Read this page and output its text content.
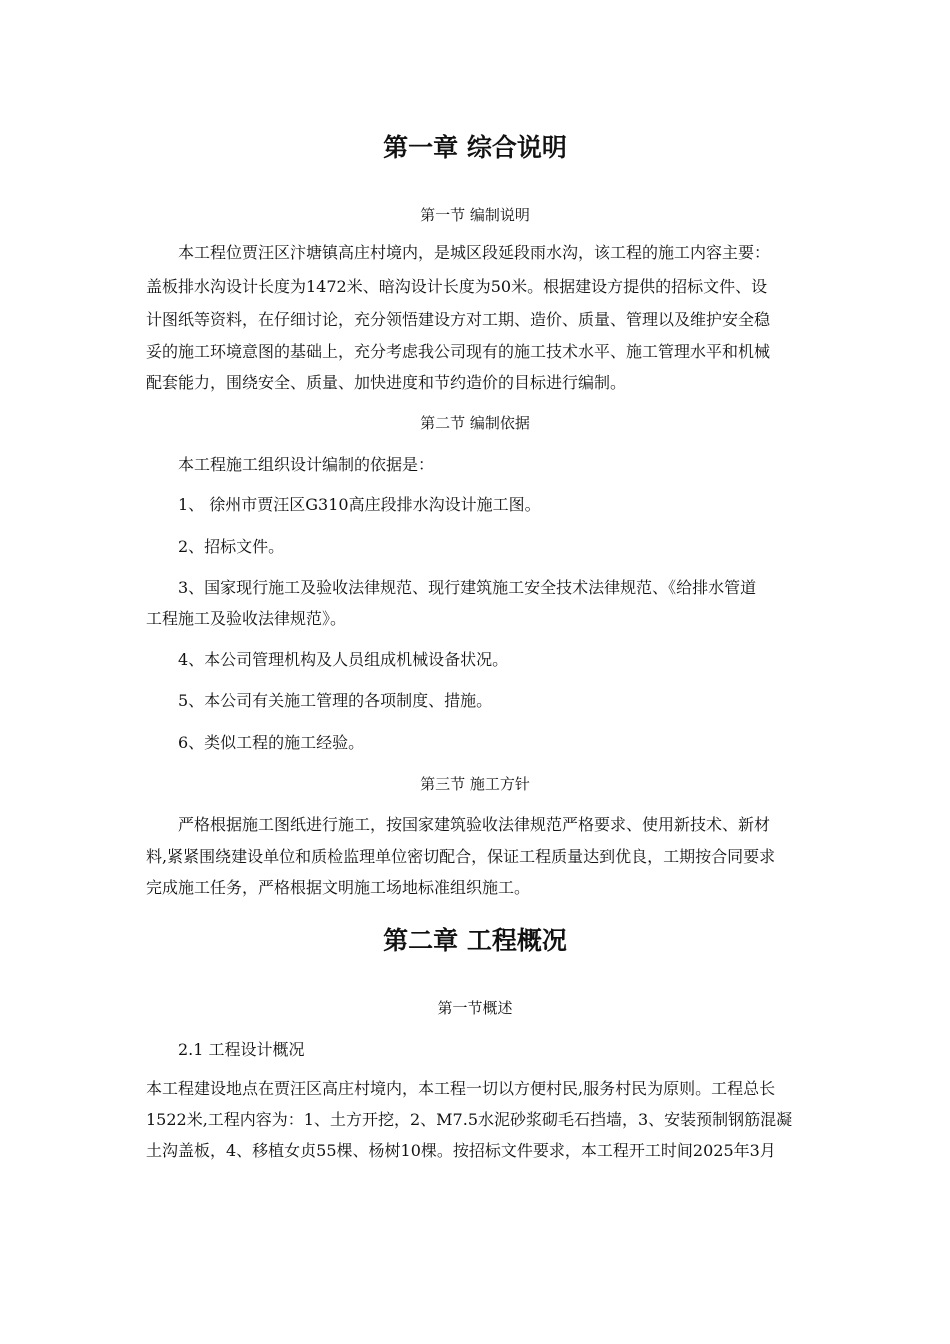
第一章 综合说明
第一节 编制说明
本工程位贾汪区汴塘镇高庄村境内，是城区段延段雨水沟，该工程的施工内容主要：
盖板排水沟设计长度为1472米、暗沟设计长度为50米。根据建设方提供的招标文件、设
计图纸等资料，在仔细讨论，充分领悟建设方对工期、造价、质量、管理以及维护安全稳
妥的施工环境意图的基础上，充分考虑我公司现有的施工技术水平、施工管理水平和机械
配套能力，围绕安全、质量、加快进度和节约造价的目标进行编制。
第二节 编制依据
本工程施工组织设计编制的依据是：
1、 徐州市贾汪区G310高庄段排水沟设计施工图。
2、招标文件。
3、国家现行施工及验收法律规范、现行建筑施工安全技术法律规范、《给排水管道
工程施工及验收法律规范》。
4、本公司管理机构及人员组成机械设备状况。
5、本公司有关施工管理的各项制度、措施。
6、类似工程的施工经验。
第三节 施工方针
严格根据施工图纸进行施工，按国家建筑验收法律规范严格要求、使用新技术、新材
料,紧紧围绕建设单位和质检监理单位密切配合，保证工程质量达到优良，工期按合同要求
完成施工任务，严格根据文明施工场地标准组织施工。
第二章 工程概况
第一节概述
2.1 工程设计概况
本工程建设地点在贾汪区高庄村境内，本工程一切以方便村民,服务村民为原则。工程总长
1522米,工程内容为：1、土方开挖，2、M7.5水泥砂浆砌毛石挡墙，3、安装预制钢筋混凝
土沟盖板，4、移植女贞55棵、杨树10棵。按招标文件要求，本工程开工时间2025年3月
